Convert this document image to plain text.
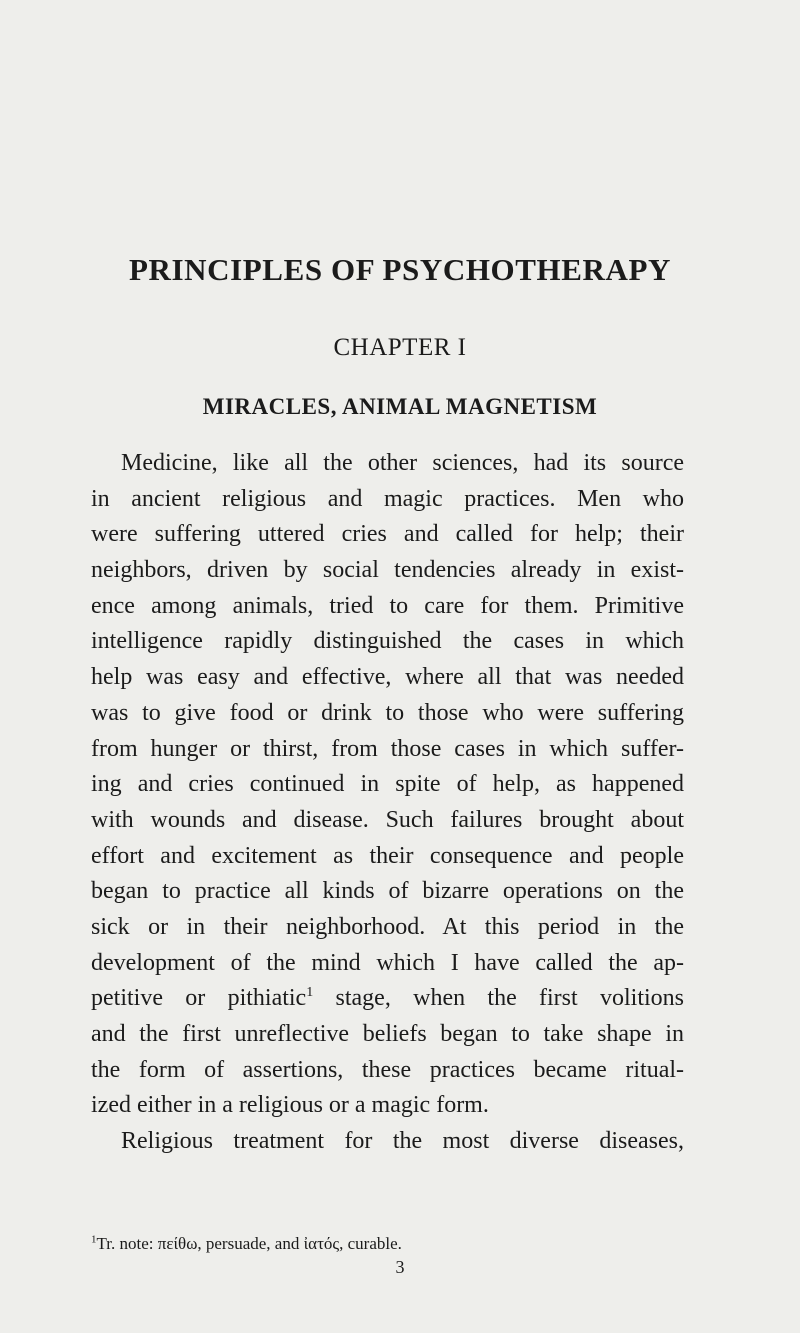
PRINCIPLES OF PSYCHOTHERAPY
CHAPTER I
MIRACLES, ANIMAL MAGNETISM
Medicine, like all the other sciences, had its source
in ancient religious and magic practices. Men who
were suffering uttered cries and called for help; their
neighbors, driven by social tendencies already in exist-
ence among animals, tried to care for them. Primitive
intelligence rapidly distinguished the cases in which
help was easy and effective, where all that was needed
was to give food or drink to those who were suffering
from hunger or thirst, from those cases in which suffer-
ing and cries continued in spite of help, as happened
with wounds and disease. Such failures brought about
effort and excitement as their consequence and people
began to practice all kinds of bizarre operations on the
sick or in their neighborhood. At this period in the
development of the mind which I have called the ap-
petitive or pithiatic$^1$ stage, when the first volitions
and the first unreflective beliefs began to take shape in
the form of assertions, these practices became ritual-
ized either in a religious or a magic form.
Religious treatment for the most diverse diseases,
$^1$Tr. note: πείθω, persuade, and ἰατός, curable.
3
